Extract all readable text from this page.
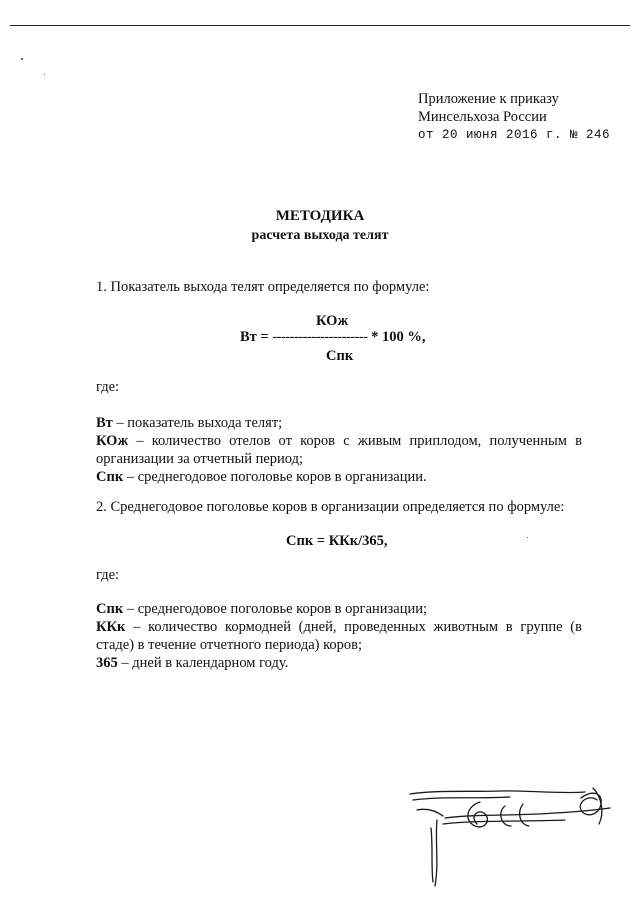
Приложение к приказу
Минсельхоза России
от 20 июня 2016 г. № 246
МЕТОДИКА
расчета выхода телят
1. Показатель выхода телят определяется по формуле:
КОж
Вт = ---------------------- * 100 %,
Спк
где:
Вт – показатель выхода телят;
КОж – количество отелов от коров с живым приплодом, полученным в организации за отчетный период;
Спк – среднегодовое поголовье коров в организации.
2. Среднегодовое поголовье коров в организации определяется по формуле:
Спк = ККк/365,
где:
Спк – среднегодовое поголовье коров в организации;
ККк – количество кормодней (дней, проведенных животным в группе (в стаде) в течение отчетного периода) коров;
365 – дней в календарном году.
